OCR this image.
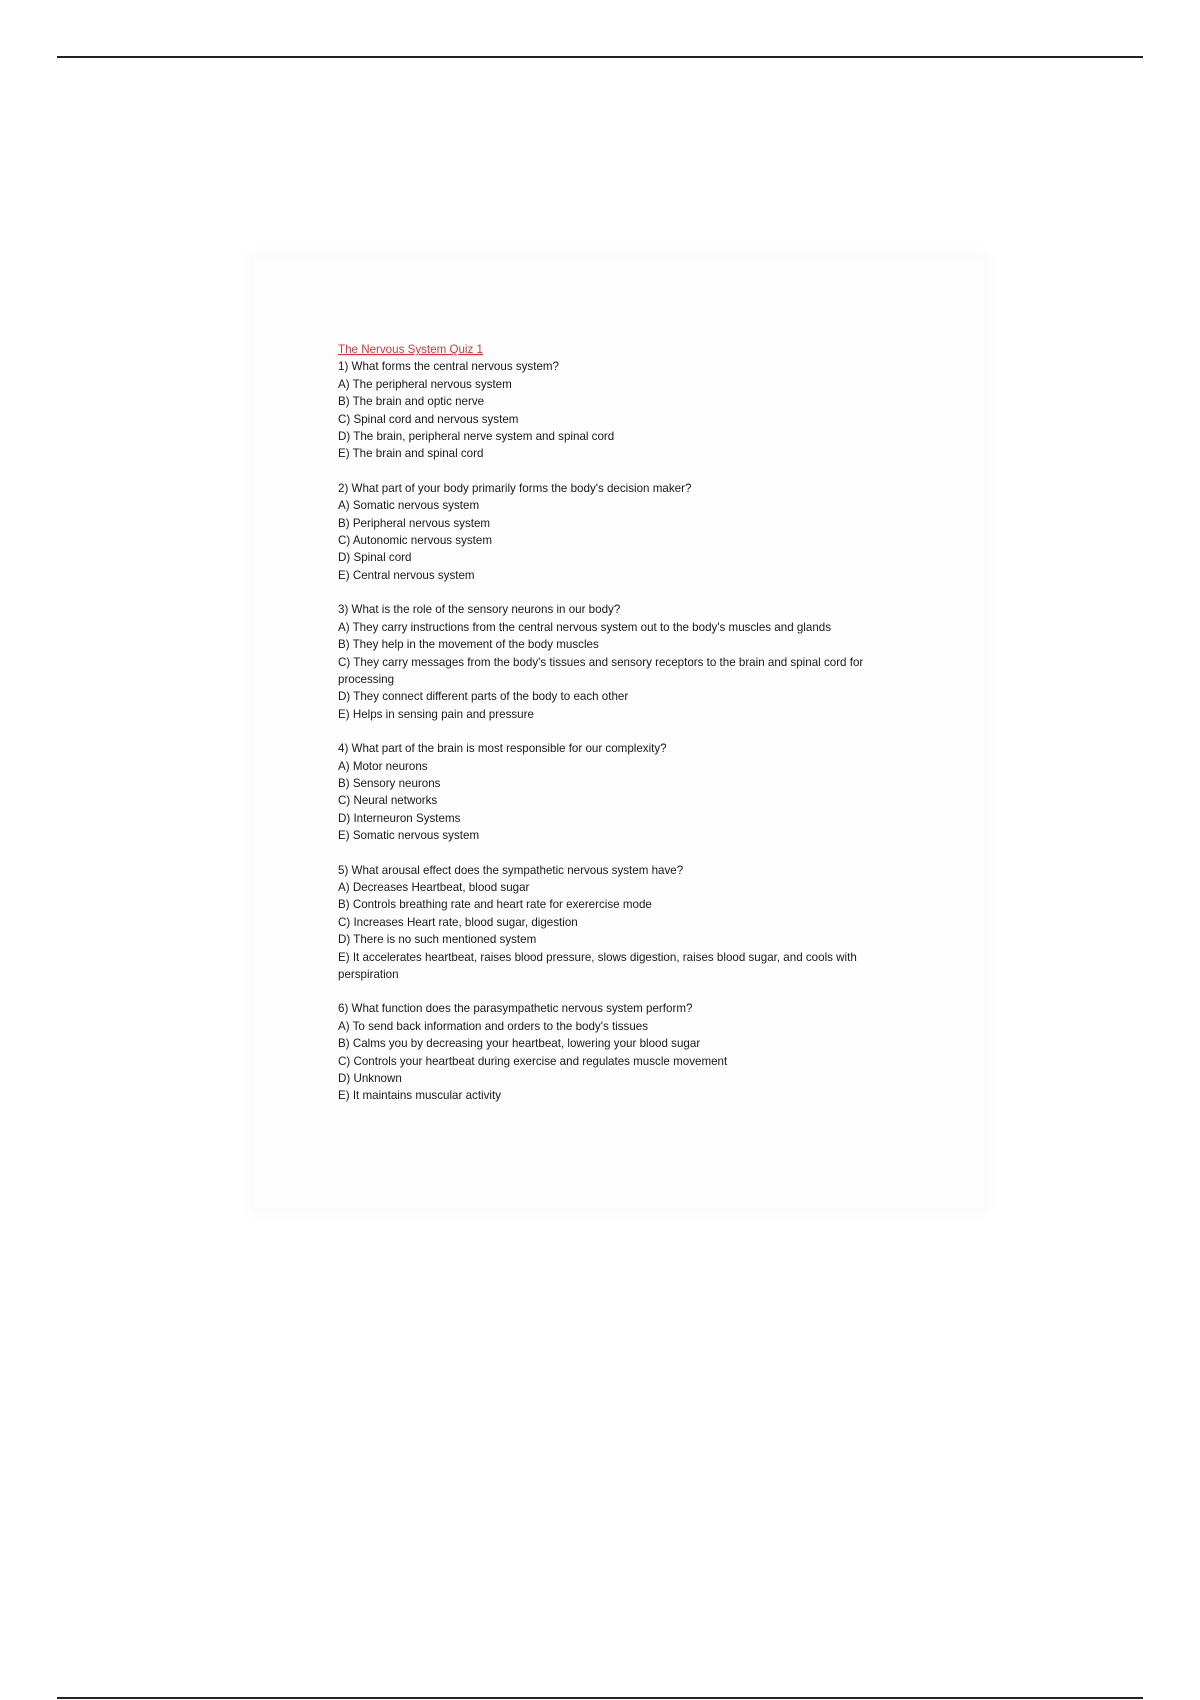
The Nervous System Quiz 1

1) What forms the central nervous system?

A) The peripheral nervous system

B) The brain and optic nerve

C) Spinal cord and nervous system

D) The brain, peripheral nerve system and spinal cord

E) The brain and spinal cord

2) What part of your body primarily forms the body's decision maker?

A) Somatic nervous system

B) Peripheral nervous system

C) Autonomic nervous system

D) Spinal cord

E) Central nervous system

3) What is the role of the sensory neurons in our body?

A) They carry instructions from the central nervous system out to the body's muscles and glands

B) They help in the movement of the body muscles

C) They carry messages from the body's tissues and sensory receptors to the brain and spinal cord for processing

D) They connect different parts of the body to each other

E) Helps in sensing pain and pressure

4) What part of the brain is most responsible for our complexity?

A) Motor neurons

B) Sensory neurons

C) Neural networks

D) Interneuron Systems

E) Somatic nervous system

5) What arousal effect does the sympathetic nervous system have?

A) Decreases Heartbeat, blood sugar

B) Controls breathing rate and heart rate for exerercise mode

C) Increases Heart rate, blood sugar, digestion

D) There is no such mentioned system

E) It accelerates heartbeat, raises blood pressure, slows digestion, raises blood sugar, and cools with perspiration

6) What function does the parasympathetic nervous system perform?

A) To send back information and orders to the body's tissues

B) Calms you by decreasing your heartbeat, lowering your blood sugar

C) Controls your heartbeat during exercise and regulates muscle movement

D) Unknown

E) It maintains muscular activity
